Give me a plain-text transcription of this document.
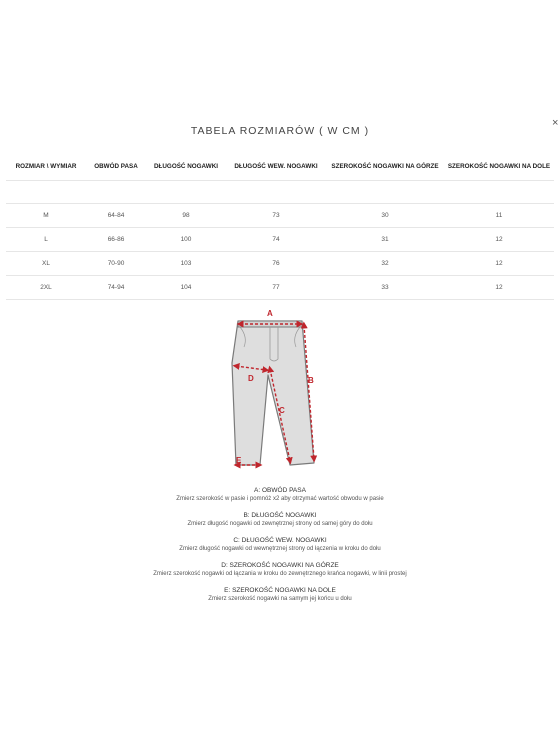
×
TABELA ROZMIARÓW ( W CM )
ROZMIAR \ WYMIAR	OBWÓD PASA	DŁUGOŚĆ NOGAWKI	DŁUGOŚĆ WEW. NOGAWKI	SZEROKOŚĆ NOGAWKI NA GÓRZE	SZEROKOŚĆ NOGAWKI NA DOLE

M	64-84	98	73	30	11
L	66-86	100	74	31	12
XL	70-90	103	76	32	12
2XL	74-94	104	77	33	12
A
B
C
D
E
A: OBWÓD PASA
Zmierz szerokość w pasie i pomnóż x2 aby otrzymać wartość obwodu w pasie
B: DŁUGOŚĆ NOGAWKI
Zmierz długość nogawki od zewnętrznej strony od samej góry do dołu
C: DŁUGOŚĆ WEW. NOGAWKI
Zmierz długość nogawki od wewnętrznej strony od łączenia w kroku do dołu
D: SZEROKOŚĆ NOGAWKI NA GÓRZE
Zmierz szerokość nogawki od łączania w kroku do zewnętrznego krańca nogawki, w linii prostej
E: SZEROKOŚĆ NOGAWKI NA DOLE
Zmierz szerokość nogawki na samym jej końcu u dołu
